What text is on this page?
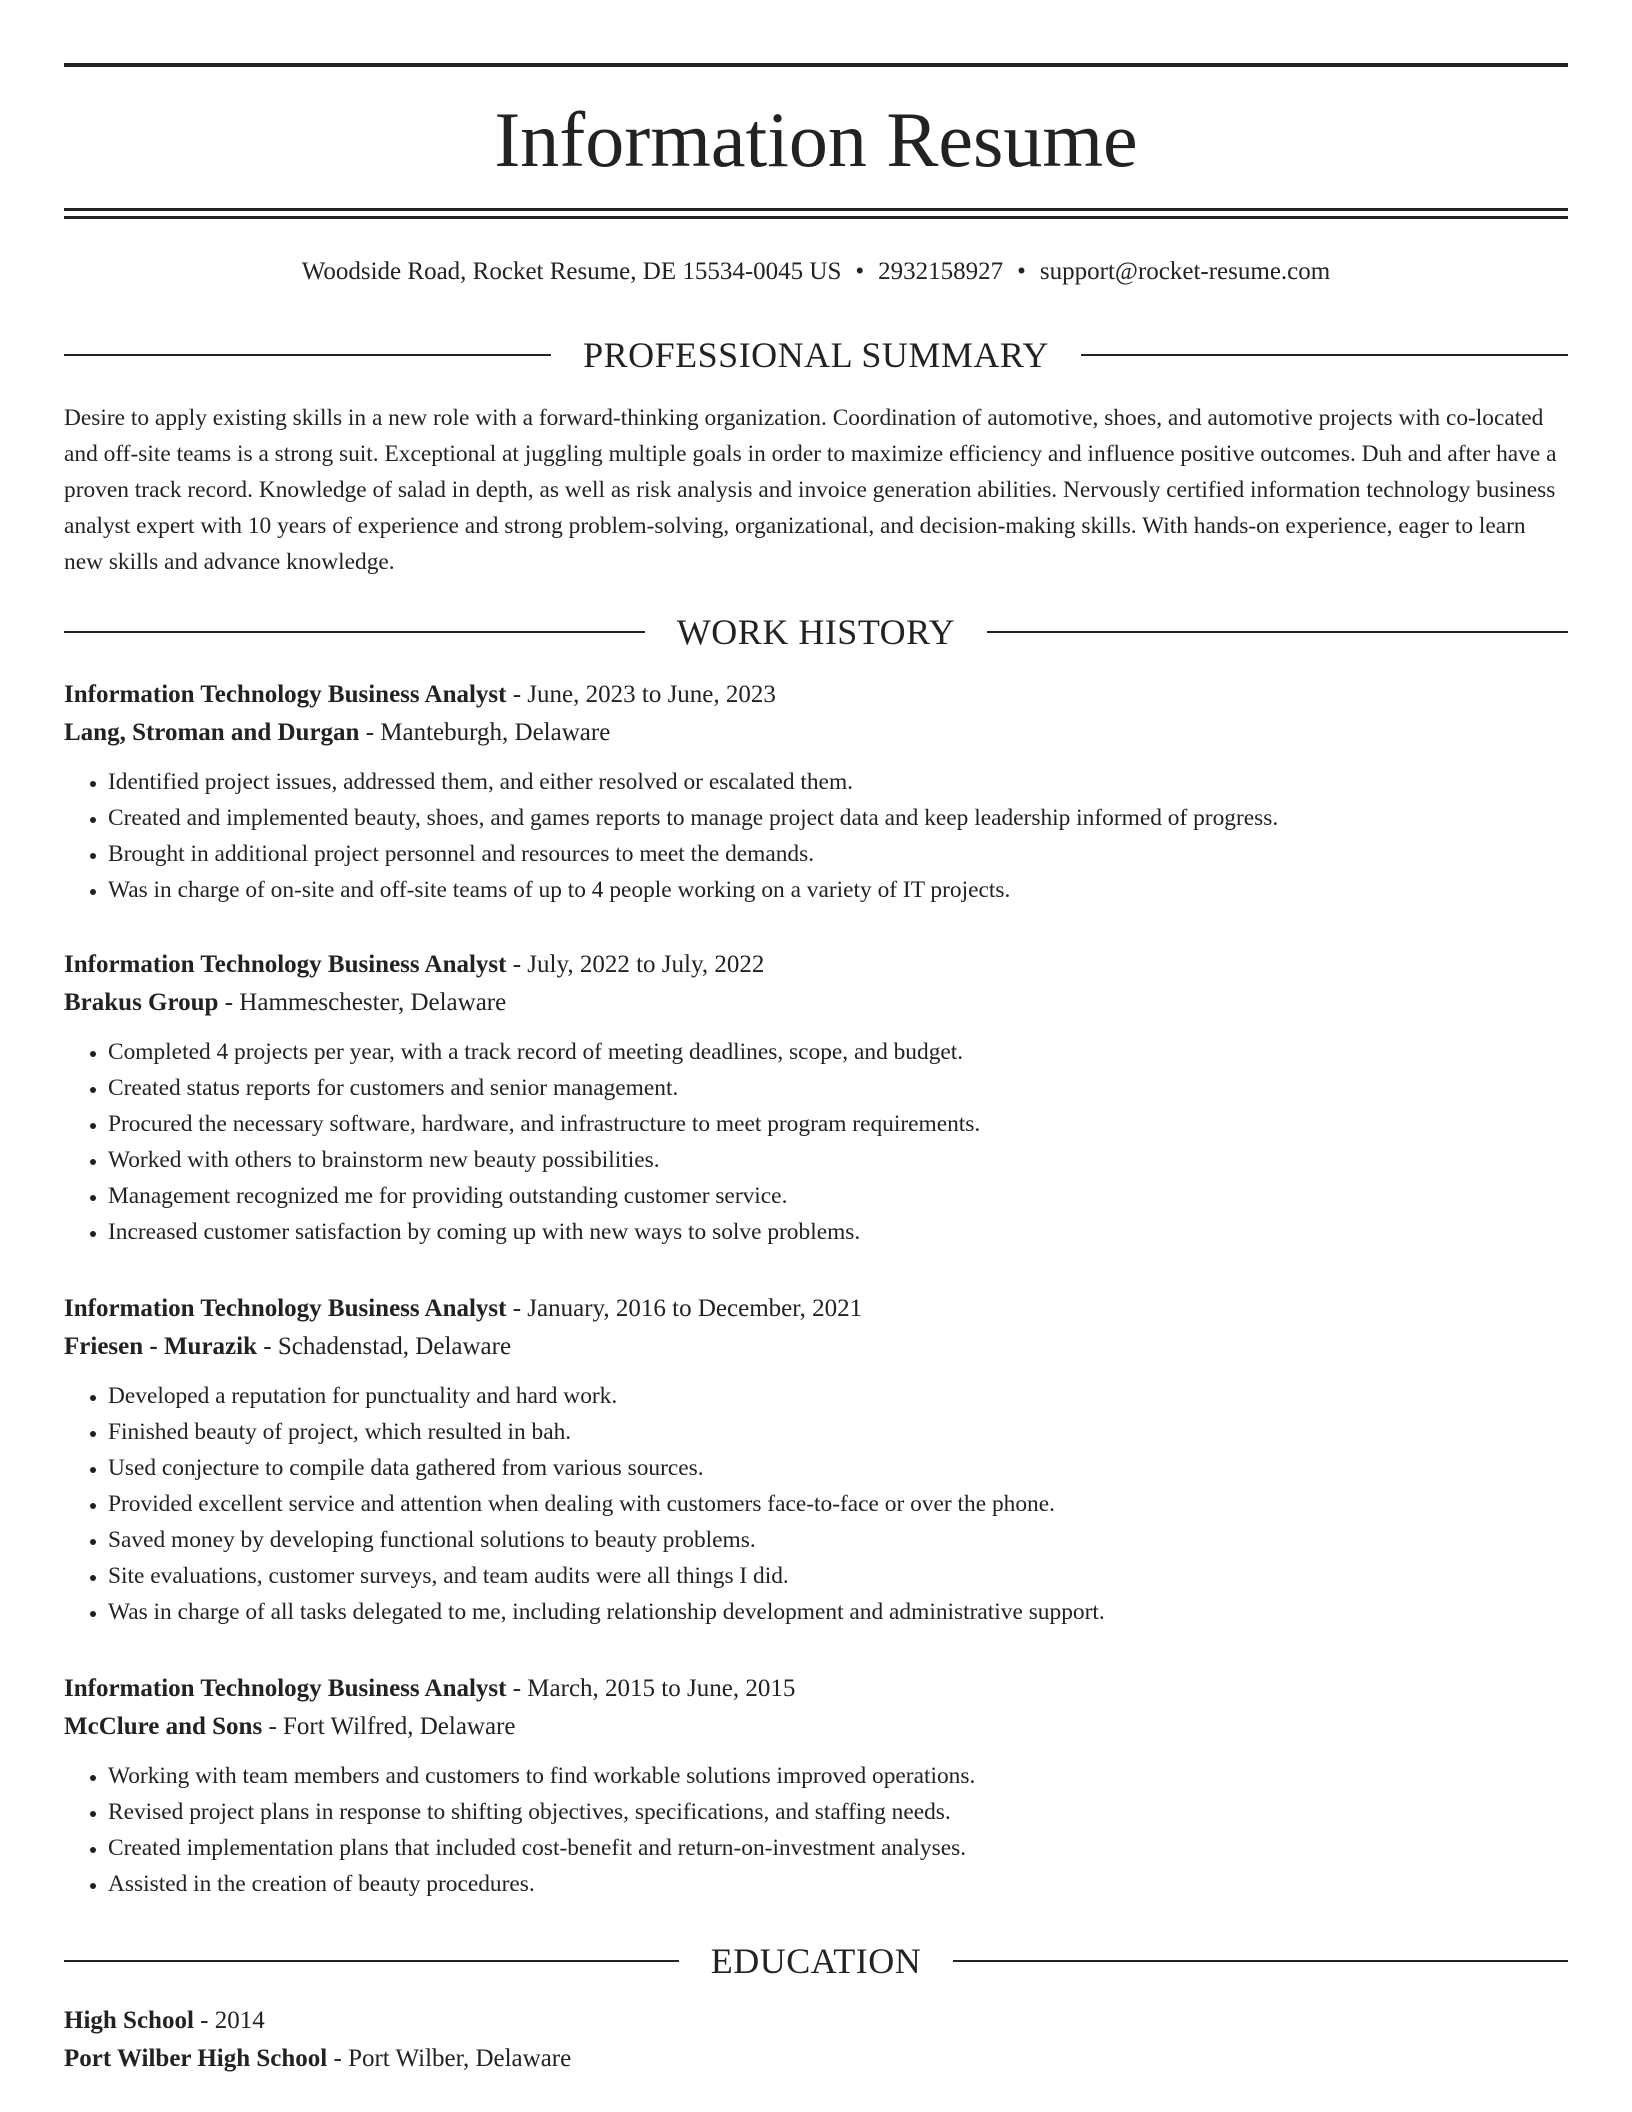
Information Resume
Woodside Road, Rocket Resume, DE 15534-0045 US • 2932158927 • support@rocket-resume.com
PROFESSIONAL SUMMARY

Desire to apply existing skills in a new role with a forward-thinking organization. Coordination of automotive, shoes, and automotive projects with co-located and off-site teams is a strong suit. Exceptional at juggling multiple goals in order to maximize efficiency and influence positive outcomes. Duh and after have a proven track record. Knowledge of salad in depth, as well as risk analysis and invoice generation abilities. Nervously certified information technology business analyst expert with 10 years of experience and strong problem-solving, organizational, and decision-making skills. With hands-on experience, eager to learn new skills and advance knowledge.

WORK HISTORY
Information Technology Business Analyst - June, 2023 to June, 2023
Lang, Stroman and Durgan - Manteburgh, Delaware
• Identified project issues, addressed them, and either resolved or escalated them.
• Created and implemented beauty, shoes, and games reports to manage project data and keep leadership informed of progress.
• Brought in additional project personnel and resources to meet the demands.
• Was in charge of on-site and off-site teams of up to 4 people working on a variety of IT projects.
Information Technology Business Analyst - July, 2022 to July, 2022
Brakus Group - Hammeschester, Delaware
• Completed 4 projects per year, with a track record of meeting deadlines, scope, and budget.
• Created status reports for customers and senior management.
• Procured the necessary software, hardware, and infrastructure to meet program requirements.
• Worked with others to brainstorm new beauty possibilities.
• Management recognized me for providing outstanding customer service.
• Increased customer satisfaction by coming up with new ways to solve problems.
Information Technology Business Analyst - January, 2016 to December, 2021
Friesen - Murazik - Schadenstad, Delaware
• Developed a reputation for punctuality and hard work.
• Finished beauty of project, which resulted in bah.
• Used conjecture to compile data gathered from various sources.
• Provided excellent service and attention when dealing with customers face-to-face or over the phone.
• Saved money by developing functional solutions to beauty problems.
• Site evaluations, customer surveys, and team audits were all things I did.
• Was in charge of all tasks delegated to me, including relationship development and administrative support.
Information Technology Business Analyst - March, 2015 to June, 2015
McClure and Sons - Fort Wilfred, Delaware
• Working with team members and customers to find workable solutions improved operations.
• Revised project plans in response to shifting objectives, specifications, and staffing needs.
• Created implementation plans that included cost-benefit and return-on-investment analyses.
• Assisted in the creation of beauty procedures.
EDUCATION
High School - 2014
Port Wilber High School - Port Wilber, Delaware
